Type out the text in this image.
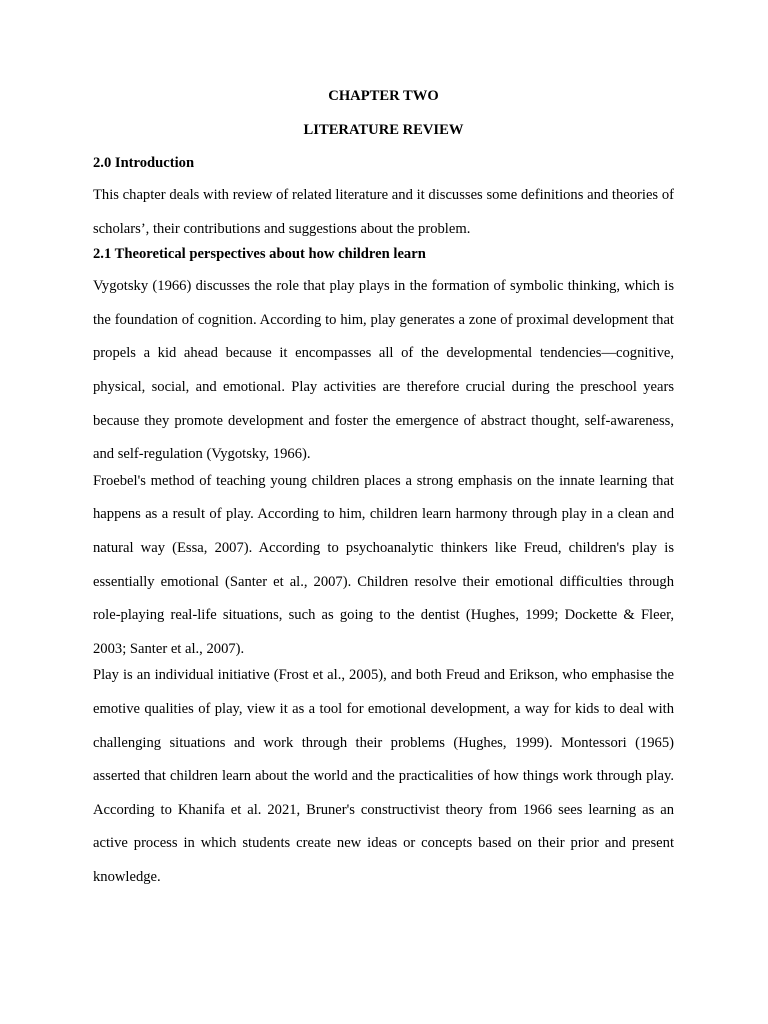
CHAPTER TWO

LITERATURE REVIEW

2.0 Introduction

This chapter deals with review of related literature and it discusses some definitions and theories of scholars’, their contributions and suggestions about the problem.

2.1 Theoretical perspectives about how children learn

Vygotsky (1966) discusses the role that play plays in the formation of symbolic thinking, which is the foundation of cognition. According to him, play generates a zone of proximal development that propels a kid ahead because it encompasses all of the developmental tendencies—cognitive, physical, social, and emotional. Play activities are therefore crucial during the preschool years because they promote development and foster the emergence of abstract thought, self-awareness, and self-regulation (Vygotsky, 1966).

Froebel's method of teaching young children places a strong emphasis on the innate learning that happens as a result of play. According to him, children learn harmony through play in a clean and natural way (Essa, 2007). According to psychoanalytic thinkers like Freud, children's play is essentially emotional (Santer et al., 2007). Children resolve their emotional difficulties through role-playing real-life situations, such as going to the dentist (Hughes, 1999; Dockette & Fleer, 2003; Santer et al., 2007).

Play is an individual initiative (Frost et al., 2005), and both Freud and Erikson, who emphasise the emotive qualities of play, view it as a tool for emotional development, a way for kids to deal with challenging situations and work through their problems (Hughes, 1999). Montessori (1965) asserted that children learn about the world and the practicalities of how things work through play. According to Khanifa et al. 2021, Bruner's constructivist theory from 1966 sees learning as an active process in which students create new ideas or concepts based on their prior and present knowledge.
